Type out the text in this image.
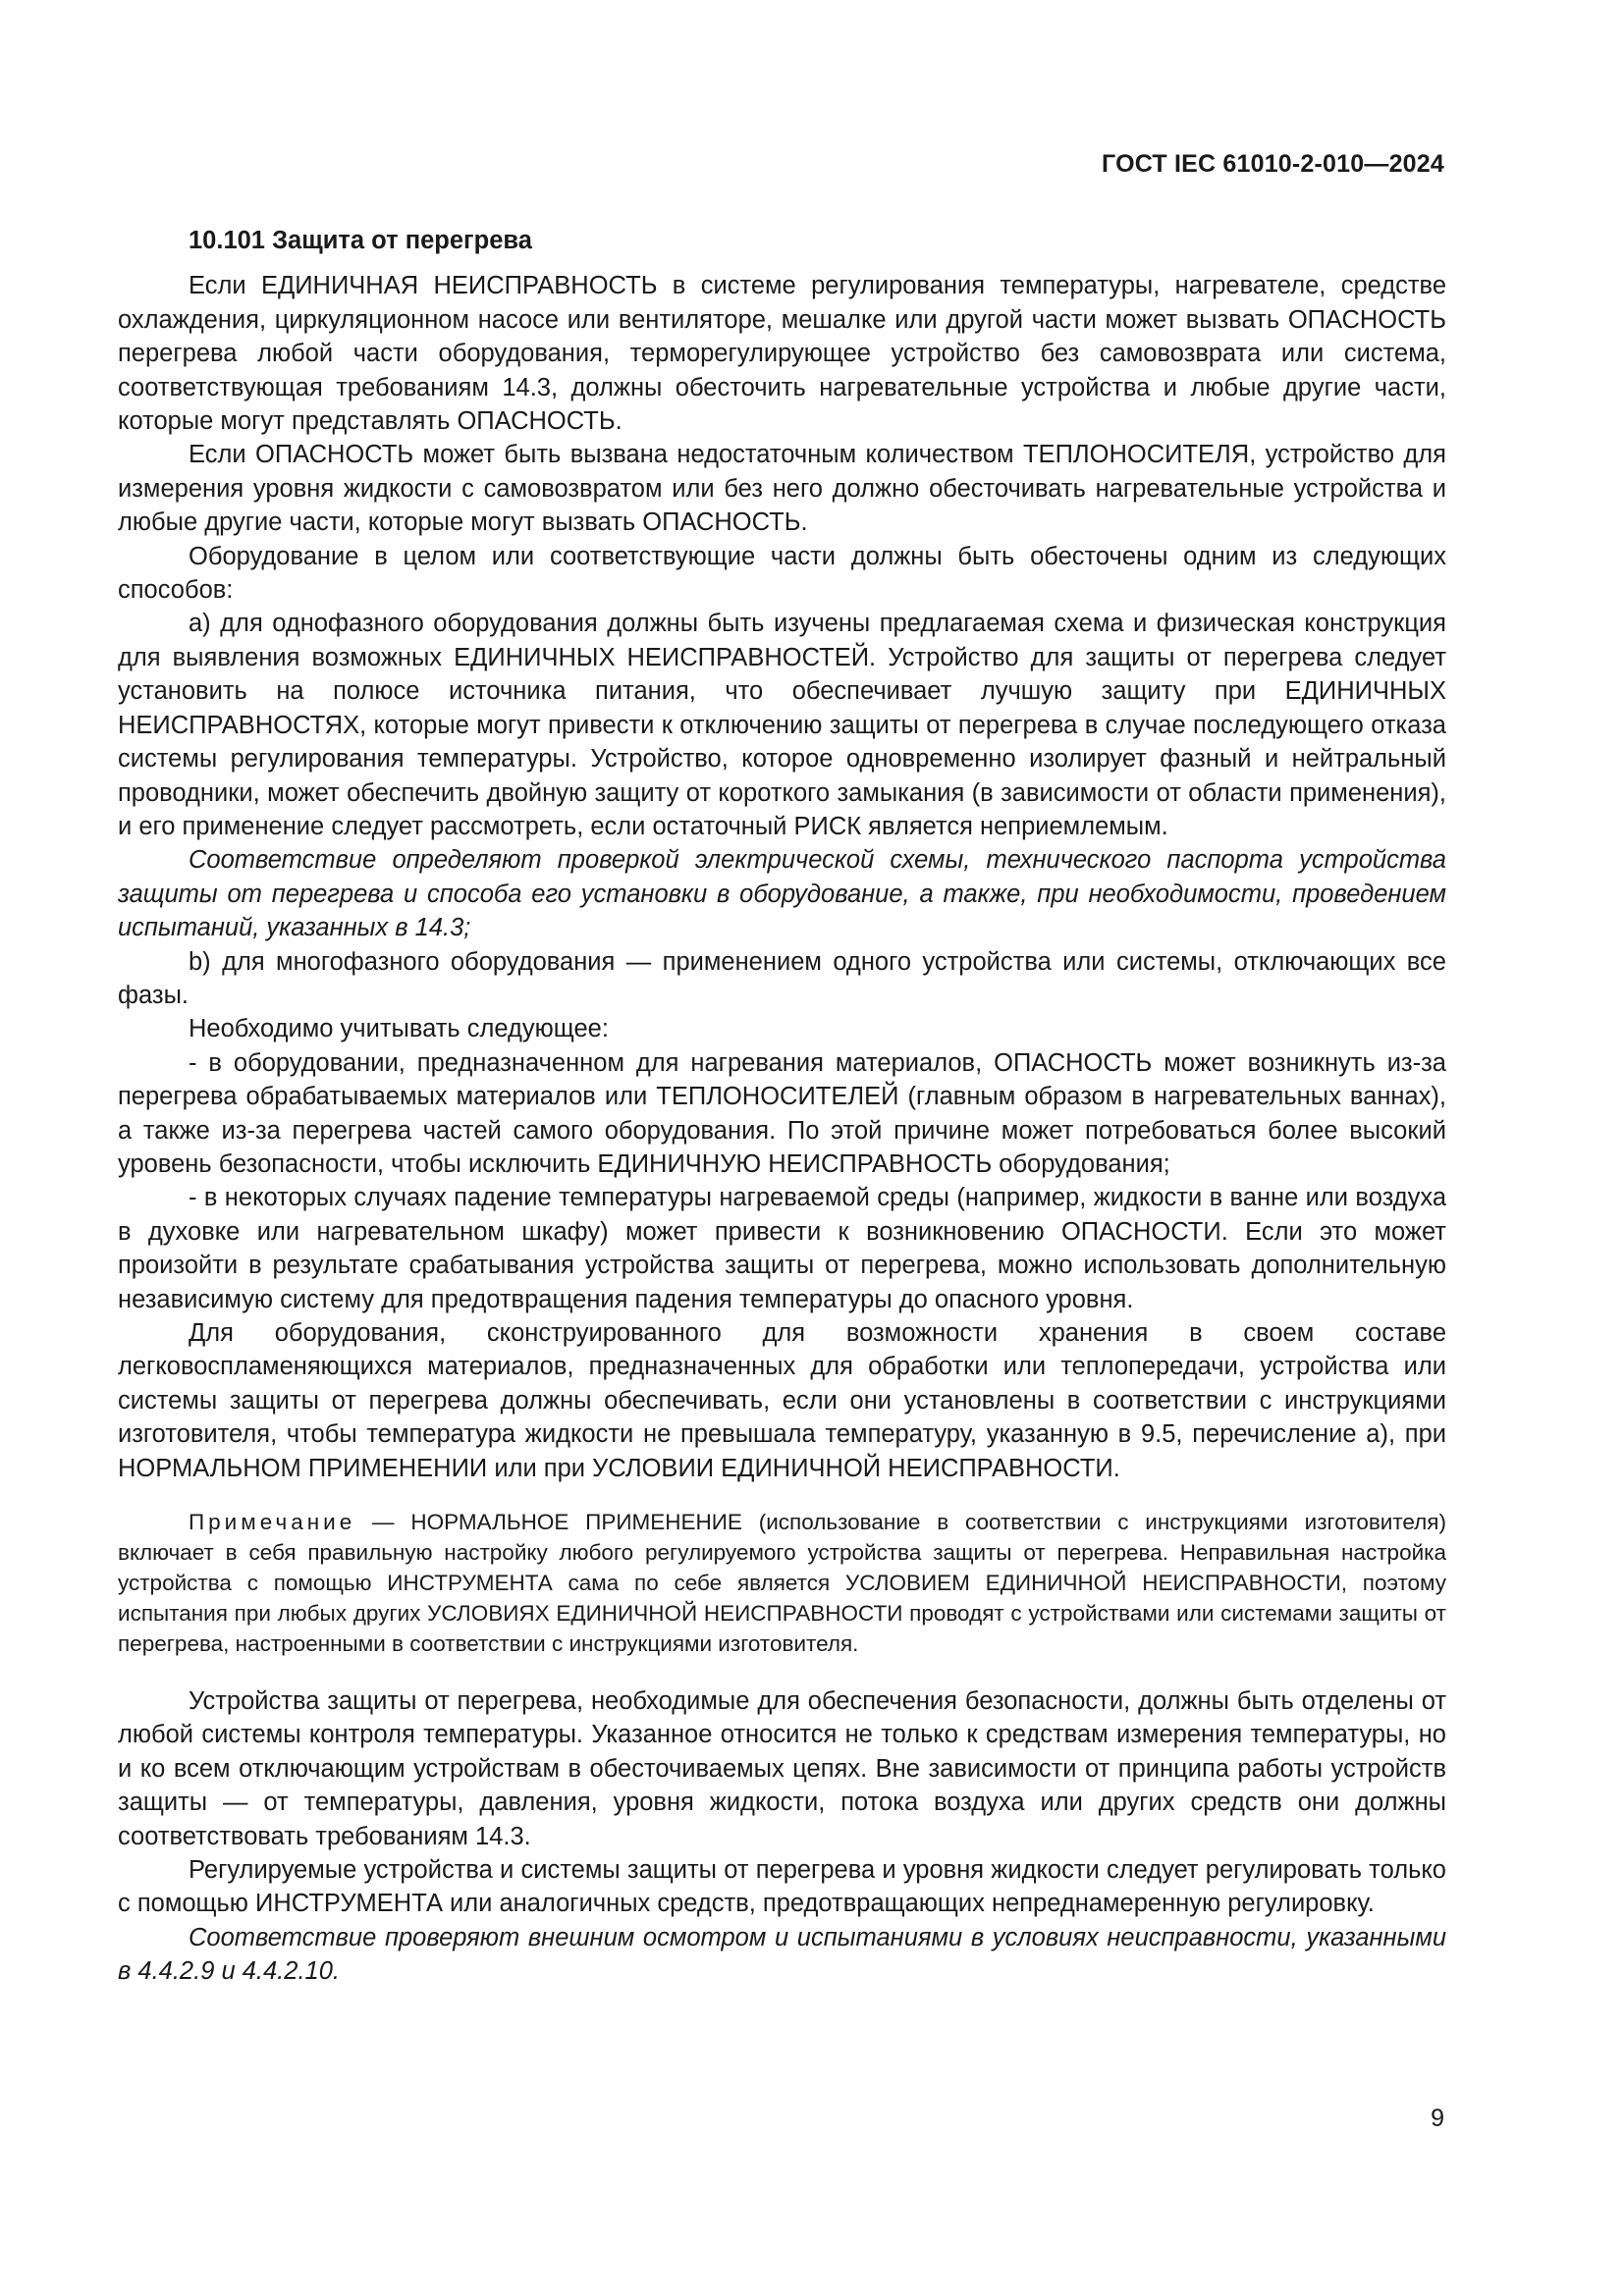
ГОСТ IEC 61010-2-010—2024
10.101 Защита от перегрева

Если ЕДИНИЧНАЯ НЕИСПРАВНОСТЬ в системе регулирования температуры, нагревателе, средстве охлаждения, циркуляционном насосе или вентиляторе, мешалке или другой части может вызвать ОПАСНОСТЬ перегрева любой части оборудования, терморегулирующее устройство без самовозврата или система, соответствующая требованиям 14.3, должны обесточить нагревательные устройства и любые другие части, которые могут представлять ОПАСНОСТЬ.

Если ОПАСНОСТЬ может быть вызвана недостаточным количеством ТЕПЛОНОСИТЕЛЯ, устройство для измерения уровня жидкости с самовозвратом или без него должно обесточивать нагревательные устройства и любые другие части, которые могут вызвать ОПАСНОСТЬ.

Оборудование в целом или соответствующие части должны быть обесточены одним из следующих способов:

a) для однофазного оборудования должны быть изучены предлагаемая схема и физическая конструкция для выявления возможных ЕДИНИЧНЫХ НЕИСПРАВНОСТЕЙ. Устройство для защиты от перегрева следует установить на полюсе источника питания, что обеспечивает лучшую защиту при ЕДИНИЧНЫХ НЕИСПРАВНОСТЯХ, которые могут привести к отключению защиты от перегрева в случае последующего отказа системы регулирования температуры. Устройство, которое одновременно изолирует фазный и нейтральный проводники, может обеспечить двойную защиту от короткого замыкания (в зависимости от области применения), и его применение следует рассмотреть, если остаточный РИСК является неприемлемым.

Соответствие определяют проверкой электрической схемы, технического паспорта устройства защиты от перегрева и способа его установки в оборудование, а также, при необходимости, проведением испытаний, указанных в 14.3;

b) для многофазного оборудования — применением одного устройства или системы, отключающих все фазы.

Необходимо учитывать следующее:

- в оборудовании, предназначенном для нагревания материалов, ОПАСНОСТЬ может возникнуть из-за перегрева обрабатываемых материалов или ТЕПЛОНОСИТЕЛЕЙ (главным образом в нагревательных ваннах), а также из-за перегрева частей самого оборудования. По этой причине может потребоваться более высокий уровень безопасности, чтобы исключить ЕДИНИЧНУЮ НЕИСПРАВНОСТЬ оборудования;

- в некоторых случаях падение температуры нагреваемой среды (например, жидкости в ванне или воздуха в духовке или нагревательном шкафу) может привести к возникновению ОПАСНОСТИ. Если это может произойти в результате срабатывания устройства защиты от перегрева, можно использовать дополнительную независимую систему для предотвращения падения температуры до опасного уровня.

Для оборудования, сконструированного для возможности хранения в своем составе легковоспламеняющихся материалов, предназначенных для обработки или теплопередачи, устройства или системы защиты от перегрева должны обеспечивать, если они установлены в соответствии с инструкциями изготовителя, чтобы температура жидкости не превышала температуру, указанную в 9.5, перечисление a), при НОРМАЛЬНОМ ПРИМЕНЕНИИ или при УСЛОВИИ ЕДИНИЧНОЙ НЕИСПРАВНОСТИ.

Примечание — НОРМАЛЬНОЕ ПРИМЕНЕНИЕ (использование в соответствии с инструкциями изготовителя) включает в себя правильную настройку любого регулируемого устройства защиты от перегрева. Неправильная настройка устройства с помощью ИНСТРУМЕНТА сама по себе является УСЛОВИЕМ ЕДИНИЧНОЙ НЕИСПРАВНОСТИ, поэтому испытания при любых других УСЛОВИЯХ ЕДИНИЧНОЙ НЕИСПРАВНОСТИ проводят с устройствами или системами защиты от перегрева, настроенными в соответствии с инструкциями изготовителя.

Устройства защиты от перегрева, необходимые для обеспечения безопасности, должны быть отделены от любой системы контроля температуры. Указанное относится не только к средствам измерения температуры, но и ко всем отключающим устройствам в обесточиваемых цепях. Вне зависимости от принципа работы устройств защиты — от температуры, давления, уровня жидкости, потока воздуха или других средств они должны соответствовать требованиям 14.3.

Регулируемые устройства и системы защиты от перегрева и уровня жидкости следует регулировать только с помощью ИНСТРУМЕНТА или аналогичных средств, предотвращающих непреднамеренную регулировку.

Соответствие проверяют внешним осмотром и испытаниями в условиях неисправности, указанными в 4.4.2.9 и 4.4.2.10.

9
